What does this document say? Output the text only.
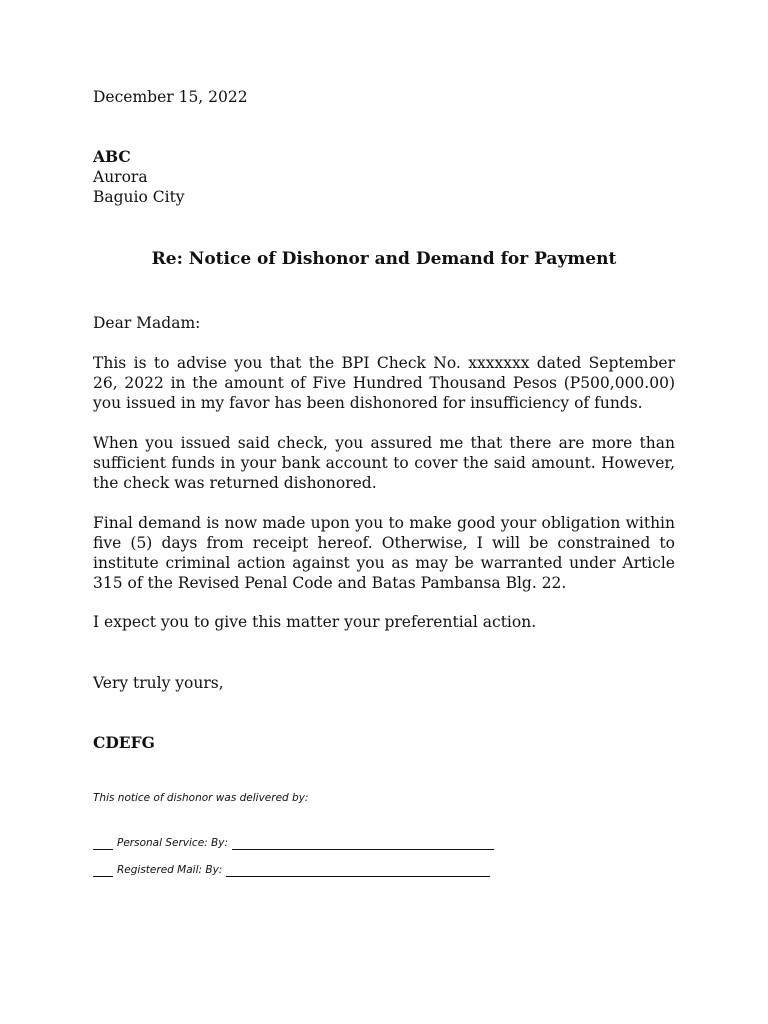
December 15, 2022
ABC
Aurora
Baguio City
Re: Notice of Dishonor and Demand for Payment
Dear Madam:
This is to advise you that the BPI Check No. xxxxxxx dated September 26, 2022 in the amount of Five Hundred Thousand Pesos (P500,000.00) you issued in my favor has been dishonored for insufficiency of funds.
When you issued said check, you assured me that there are more than sufficient funds in your bank account to cover the said amount. However, the check was returned dishonored.
Final demand is now made upon you to make good your obligation within five (5) days from receipt hereof. Otherwise, I will be constrained to institute criminal action against you as may be warranted under Article 315 of the Revised Penal Code and Batas Pambansa Blg. 22.
I expect you to give this matter your preferential action.
Very truly yours,
CDEFG
This notice of dishonor was delivered by:
Personal Service: By:
Registered Mail: By:
